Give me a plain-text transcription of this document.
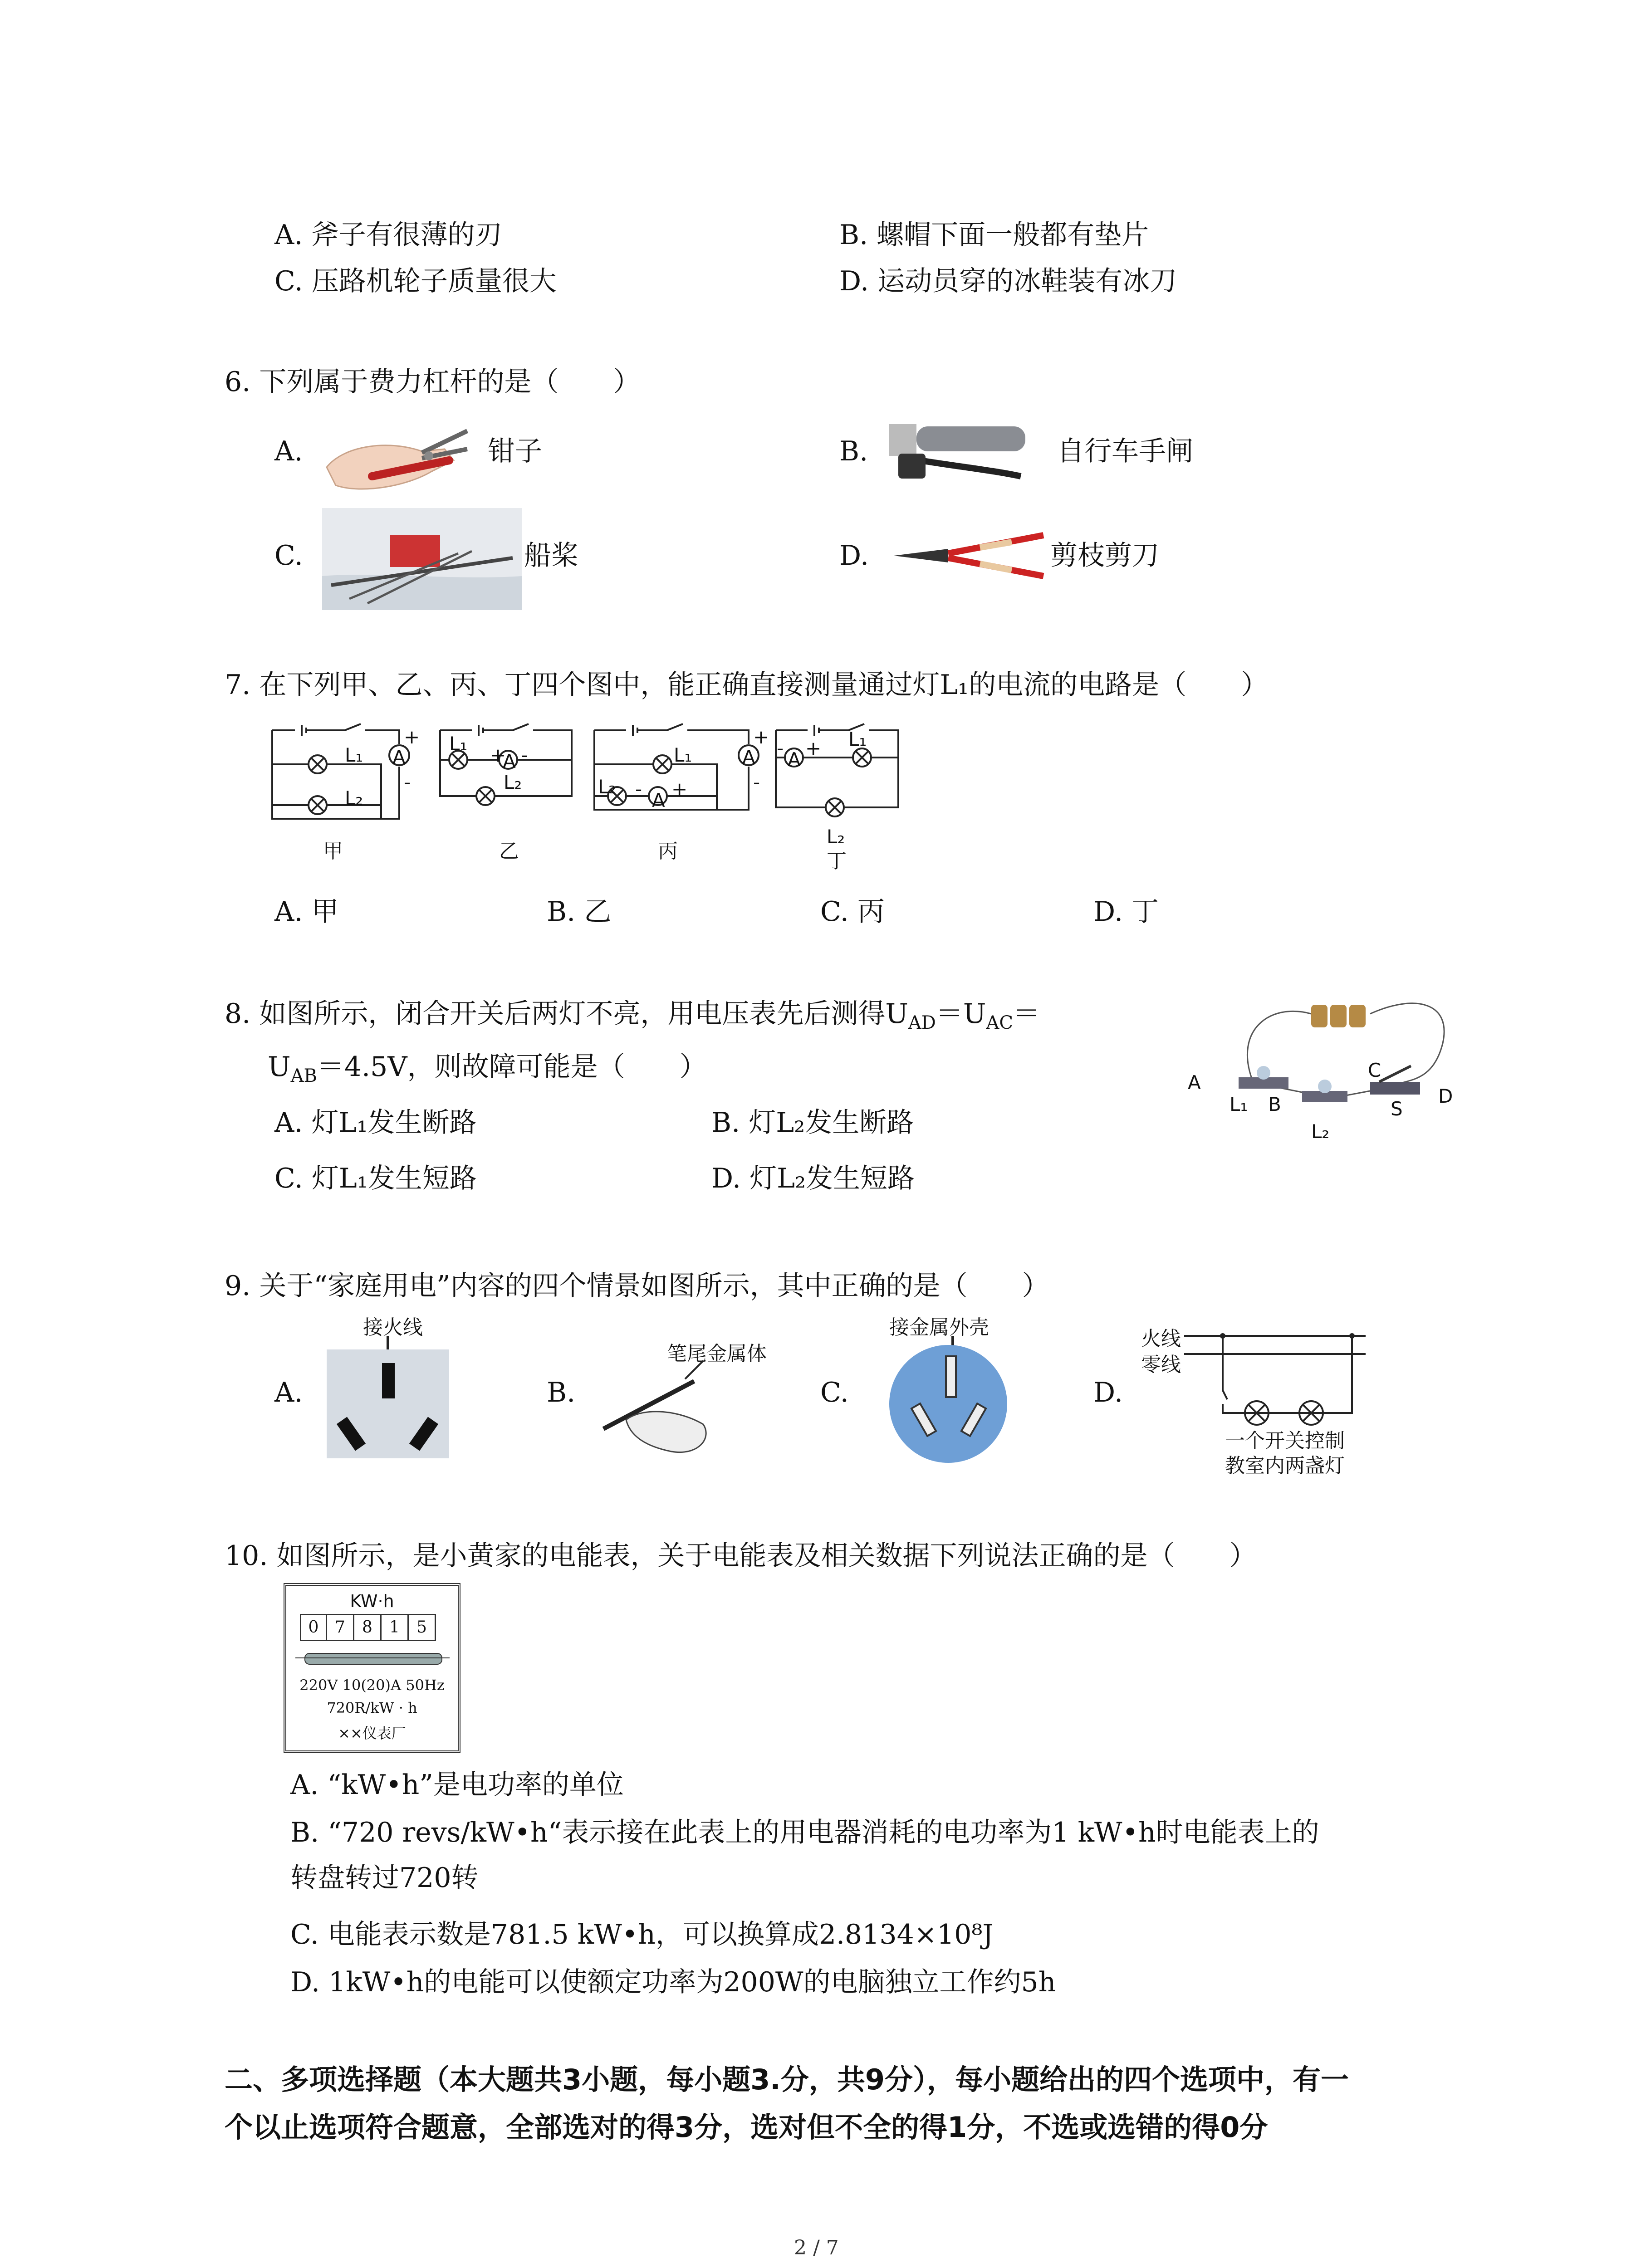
A. 斧子有很薄的刃	B. 螺帽下面一般都有垫片
C. 压路机轮子质量很大	D. 运动员穿的冰鞋装有冰刀
6. 下列属于费力杠杆的是（　　）
A.	钳子	B.	自行车手闸
C.	船桨	D.	剪枝剪刀
7. 在下列甲、乙、丙、丁四个图中，能正确直接测量通过灯L₁的电流的电路是（　　）
A
+
-
L₁
L₂
甲
A
+ -
L₁
L₂
乙
A
+
-
A
- +
L₁
L₂
丙
A
- + L₁
L₂
丁
A. 甲	B. 乙	C. 丙	D. 丁
8. 如图所示，闭合开关后两灯不亮，用电压表先后测得$U_{AD}=U_{AC}=$
$U_{AB}=4.5V$，则故障可能是（　　）
A. 灯L₁发生断路	B. 灯L₂发生断路
C. 灯L₁发生短路	D. 灯L₂发生短路
A
B
C
D
S
L₁
L₂
9. 关于“家庭用电”内容的四个情景如图所示，其中正确的是（　　）
A.
接火线
B.
笔尾金属体
C.
接金属外壳
D.
火线
零线
一个开关控制
教室内两盏灯
10. 如图所示，是小黄家的电能表，关于电能表及相关数据下列说法正确的是（　　）
KW·h
0 7	8	1	5
220V 10(20)A 50Hz
720R/kW · h
××仪表厂
A. “kW•h”是电功率的单位
B. “720 revs/kW•h“表示接在此表上的用电器消耗的电功率为1 kW•h时电能表上的
转盘转过720转
C. 电能表示数是781.5 kW•h，可以换算成2.8134×10⁸J
D. 1kW•h的电能可以使额定功率为200W的电脑独立工作约5h
二、多项选择题（本大题共3小题，每小题3.分，共9分），每小题给出的四个选项中，有一
个以止选项符合题意，全部选对的得3分，选对但不全的得1分，不选或选错的得0分
2 / 7
